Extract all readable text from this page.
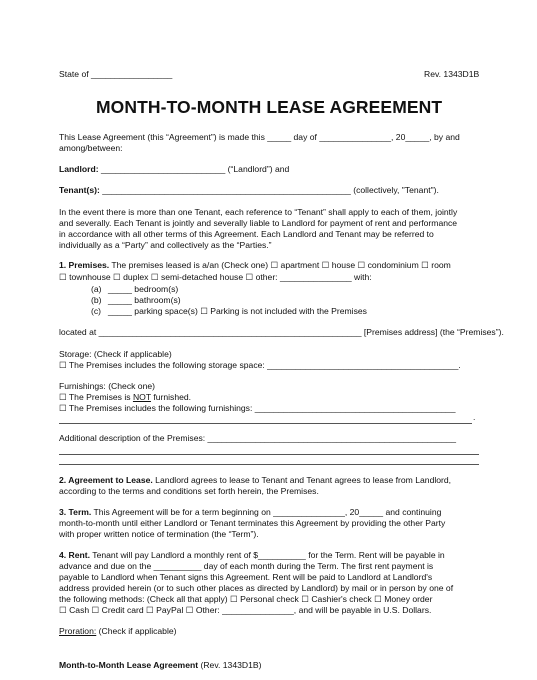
State of _________________	Rev. 1343D1B
MONTH-TO-MONTH LEASE AGREEMENT
This Lease Agreement (this “Agreement”) is made this _____ day of _______________, 20_____, by and
among/between:
Landlord: __________________________ (“Landlord”) and
Tenant(s): ____________________________________________________ (collectively, "Tenant").
In the event there is more than one Tenant, each reference to “Tenant” shall apply to each of them, jointly
and severally. Each Tenant is jointly and severally liable to Landlord for payment of rent and performance
in accordance with all other terms of this Agreement. Each Landlord and Tenant may be referred to
individually as a “Party” and collectively as the “Parties.”
1. Premises. The premises leased is a/an (Check one) ☐ apartment ☐ house ☐ condominium ☐ room
☐ townhouse ☐ duplex ☐ semi-detached house ☐ other: _______________ with:
(a) _____ bedroom(s)
(b) _____ bathroom(s)
(c) _____ parking space(s) ☐ Parking is not included with the Premises
located at _______________________________________________________ [Premises address] (the “Premises”).
Storage: (Check if applicable)
☐ The Premises includes the following storage space: ________________________________________.
Furnishings: (Check one)
☐ The Premises is NOT furnished.
☐ The Premises includes the following furnishings: __________________________________________
.
Additional description of the Premises: ____________________________________________________
2. Agreement to Lease. Landlord agrees to lease to Tenant and Tenant agrees to lease from Landlord,
according to the terms and conditions set forth herein, the Premises.
3. Term. This Agreement will be for a term beginning on _______________, 20_____ and continuing
month-to-month until either Landlord or Tenant terminates this Agreement by providing the other Party
with proper written notice of termination (the “Term”).
4. Rent. Tenant will pay Landlord a monthly rent of $__________ for the Term. Rent will be payable in
advance and due on the __________ day of each month during the Term. The first rent payment is
payable to Landlord when Tenant signs this Agreement. Rent will be paid to Landlord at Landlord's
address provided herein (or to such other places as directed by Landlord) by mail or in person by one of
the following methods: (Check all that apply) ☐ Personal check ☐ Cashier's check ☐ Money order
☐ Cash ☐ Credit card ☐ PayPal ☐ Other: _______________, and will be payable in U.S. Dollars.
Proration: (Check if applicable)
Month-to-Month Lease Agreement (Rev. 1343D1B)
